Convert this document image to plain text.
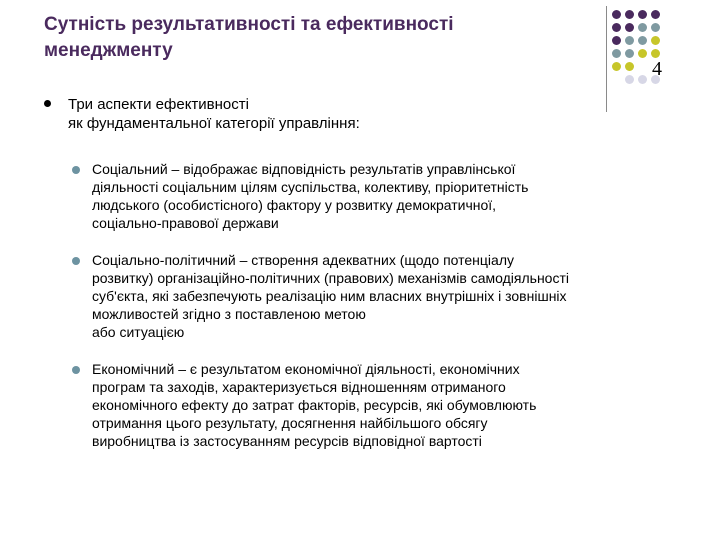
Сутність результативності та ефективності
менеджменту
4
Три аспекти ефективності
як фундаментальної категорії управління:
Соціальний – відображає відповідність результатів управлінської
діяльності соціальним цілям суспільства, колективу, пріоритетність
людського (особистісного) фактору у розвитку демократичної,
соціально-правової держави
Соціально-політичний – створення адекватних (щодо потенціалу
розвитку) організаційно-політичних (правових) механізмів самодіяльності
суб'єкта, які забезпечують реалізацію ним власних внутрішніх і зовнішніх
можливостей згідно з поставленою метою
або ситуацією
Економічний – є результатом економічної діяльності, економічних
програм та заходів, характеризується відношенням отриманого
економічного ефекту до затрат факторів, ресурсів, які обумовлюють
отримання цього результату, досягнення найбільшого обсягу
виробництва із застосуванням ресурсів відповідної вартості
